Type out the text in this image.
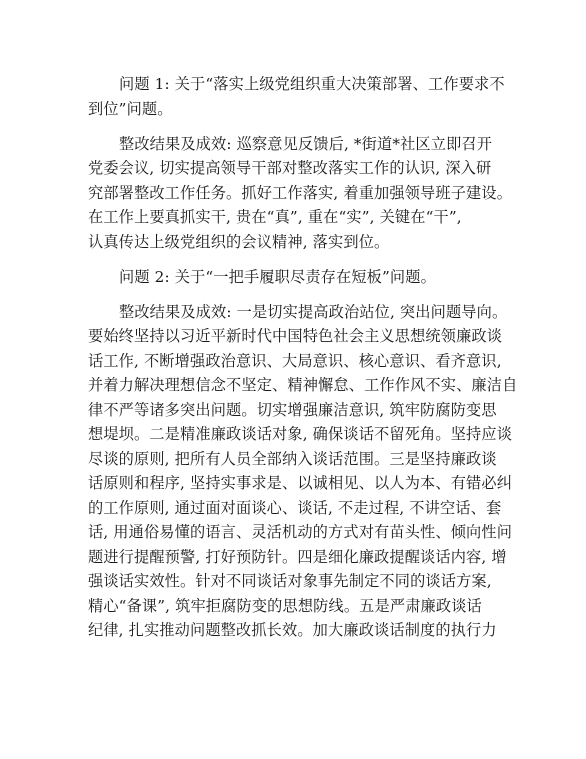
问题 1: 关于“落实上级党组织重大决策部署、工作要求不
到位”问题。
整改结果及成效: 巡察意见反馈后, *街道*社区立即召开
党委会议, 切实提高领导干部对整改落实工作的认识, 深入研
究部署整改工作任务。抓好工作落实, 着重加强领导班子建设。
在工作上要真抓实干, 贵在“真”, 重在“实”, 关键在“干”,
认真传达上级党组织的会议精神, 落实到位。
问题 2: 关于“一把手履职尽责存在短板”问题。
整改结果及成效: 一是切实提高政治站位, 突出问题导向。
要始终坚持以习近平新时代中国特色社会主义思想统领廉政谈
话工作, 不断增强政治意识、大局意识、核心意识、看齐意识,
并着力解决理想信念不坚定、精神懈怠、工作作风不实、廉洁自
律不严等诸多突出问题。切实增强廉洁意识, 筑牢防腐防变思
想堤坝。二是精准廉政谈话对象, 确保谈话不留死角。坚持应谈
尽谈的原则, 把所有人员全部纳入谈话范围。三是坚持廉政谈
话原则和程序, 坚持实事求是、以诚相见、以人为本、有错必纠
的工作原则, 通过面对面谈心、谈话, 不走过程, 不讲空话、套
话, 用通俗易懂的语言、灵活机动的方式对有苗头性、倾向性问
题进行提醒预警, 打好预防针。四是细化廉政提醒谈话内容, 增
强谈话实效性。针对不同谈话对象事先制定不同的谈话方案,
精心“备课”, 筑牢拒腐防变的思想防线。五是严肃廉政谈话
纪律, 扎实推动问题整改抓长效。加大廉政谈话制度的执行力
